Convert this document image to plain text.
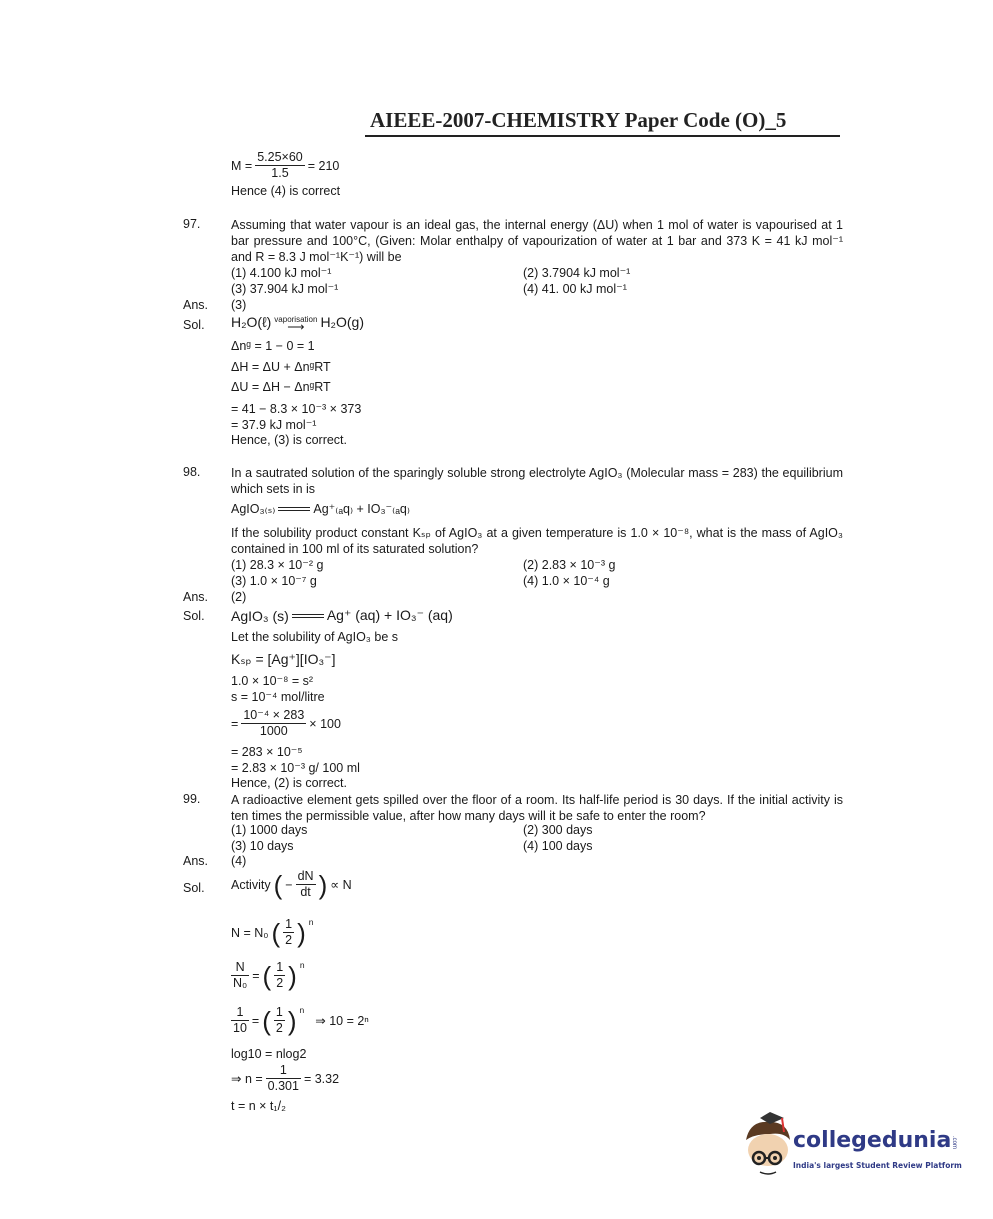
AIEEE-2007-CHEMISTRY Paper Code (O)_5
$M = \frac{5.25\times 60}{1.5} = 210$
Hence (4) is correct
97. Assuming that water vapour is an ideal gas, the internal energy (ΔU) when 1 mol of water is vapourised at 1 bar pressure and 100°C, (Given: Molar enthalpy of vapourization of water at 1 bar and 373 K = 41 kJ mol⁻¹ and R = 8.3 J mol⁻¹K⁻¹) will be
(1) 4.100 kJ mol⁻¹	(2) 3.7904 kJ mol⁻¹
(3) 37.904 kJ mol⁻¹	(4) 41. 00 kJ mol⁻¹
Ans. (3)
Sol. H₂O(ℓ) vaporisation
⟶ H₂O(g)
Δnᵍ = 1 − 0 = 1
ΔH = ΔU + ΔnᵍRT
ΔU = ΔH − ΔnᵍRT
= 41 − 8.3 × 10⁻³ × 373
= 37.9 kJ mol⁻¹
Hence, (3) is correct.
98. In a sautrated solution of the sparingly soluble strong electrolyte AgIO₃ (Molecular mass = 283) the equilibrium which sets in is
AgIO₃₍ₛ₎	Ag⁺₍ₐq₎ + IO₃⁻₍ₐq₎
If the solubility product constant Kₛₚ of AgIO₃ at a given temperature is 1.0 × 10⁻⁸, what is the mass of AgIO₃ contained in 100 ml of its saturated solution?
(1) 28.3 × 10⁻² g	(2) 2.83 × 10⁻³ g
(3) 1.0 × 10⁻⁷ g	(4) 1.0 × 10⁻⁴ g
Ans. (2)
Sol. AgIO₃ (s)	Ag⁺ (aq) + IO₃⁻ (aq)
Let the solubility of AgIO₃ be s
Kₛₚ = [Ag⁺][IO₃⁻]
1.0 × 10⁻⁸ = s²
s = 10⁻⁴ mol/litre
= $\frac{\text{10⁻⁴ × 283}}{1000} \times 100$
= 283 × 10⁻⁵
= 2.83 × 10⁻³ g/ 100 ml
Hence, (2) is correct.
99. A radioactive element gets spilled over the floor of a room. Its half-life period is 30 days. If the initial activity is ten times the permissible value, after how many days will it be safe to enter the room?
(1) 1000 days	(2) 300 days
(3) 10 days	(4) 100 days
Ans. (4)
Sol. Activity ( − $\frac{dN}{dt}$ ) ∝ N
N = N₀ ( $\frac{1}{2}$ ) $^n$
$\frac{N}{\text{N₀}}$ = ( $\frac{1}{2}$ ) $^n$
$\frac{1}{10}$ = ( $\frac{1}{2}$ ) $^n$
⇒ 10 = 2ⁿ
log10 = nlog2
⇒ $n = \frac{1}{0.301} = 3.32$
t = n × t₁/₂
collegedunia .com
India's largest Student Review Platform
